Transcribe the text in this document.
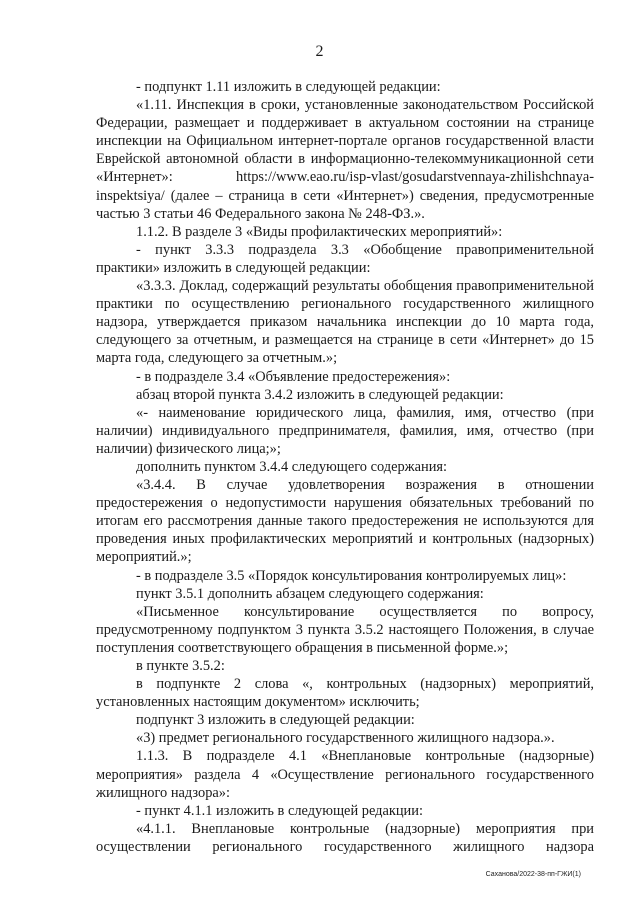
2

- подпункт 1.11 изложить в следующей редакции:

«1.11. Инспекция в сроки, установленные законодательством Российской Федерации, размещает и поддерживает в актуальном состоянии на странице инспекции на Официальном интернет-портале органов государственной власти Еврейской автономной области в информационно-телекоммуникационной сети «Интернет»: https://www.eao.ru/isp-vlast/gosudarstvennaya-zhilishchnaya-inspektsiya/ (далее – страница в сети «Интернет») сведения, предусмотренные частью 3 статьи 46 Федерального закона № 248-ФЗ.».

1.1.2. В разделе 3 «Виды профилактических мероприятий»:

- пункт 3.3.3 подраздела 3.3 «Обобщение правоприменительной практики» изложить в следующей редакции:

«3.3.3. Доклад, содержащий результаты обобщения правоприменительной практики по осуществлению регионального государственного жилищного надзора, утверждается приказом начальника инспекции до 10 марта года, следующего за отчетным, и размещается на странице в сети «Интернет» до 15 марта года, следующего за отчетным.»;

- в подразделе 3.4 «Объявление предостережения»:

абзац второй пункта 3.4.2 изложить в следующей редакции:

«- наименование юридического лица, фамилия, имя, отчество (при наличии) индивидуального предпринимателя, фамилия, имя, отчество (при наличии) физического лица;»;

дополнить пунктом 3.4.4 следующего содержания:

«3.4.4. В случае удовлетворения возражения в отношении предостережения о недопустимости нарушения обязательных требований по итогам его рассмотрения данные такого предостережения не используются для проведения иных профилактических мероприятий и контрольных (надзорных) мероприятий.»;

- в подразделе 3.5 «Порядок консультирования контролируемых лиц»:

пункт 3.5.1 дополнить абзацем следующего содержания:

«Письменное консультирование осуществляется по вопросу, предусмотренному подпунктом 3 пункта 3.5.2 настоящего Положения, в случае поступления соответствующего обращения в письменной форме.»;

в пункте 3.5.2:

в подпункте 2 слова «, контрольных (надзорных) мероприятий, установленных настоящим документом» исключить;

подпункт 3 изложить в следующей редакции:

«3) предмет регионального государственного жилищного надзора.».

1.1.3. В подразделе 4.1 «Внеплановые контрольные (надзорные) мероприятия» раздела 4 «Осуществление регионального государственного жилищного надзора»:

- пункт 4.1.1 изложить в следующей редакции:

«4.1.1. Внеплановые контрольные (надзорные) мероприятия при осуществлении регионального государственного жилищного надзора

Саханова/2022-38-пп-ГЖИ(1)
